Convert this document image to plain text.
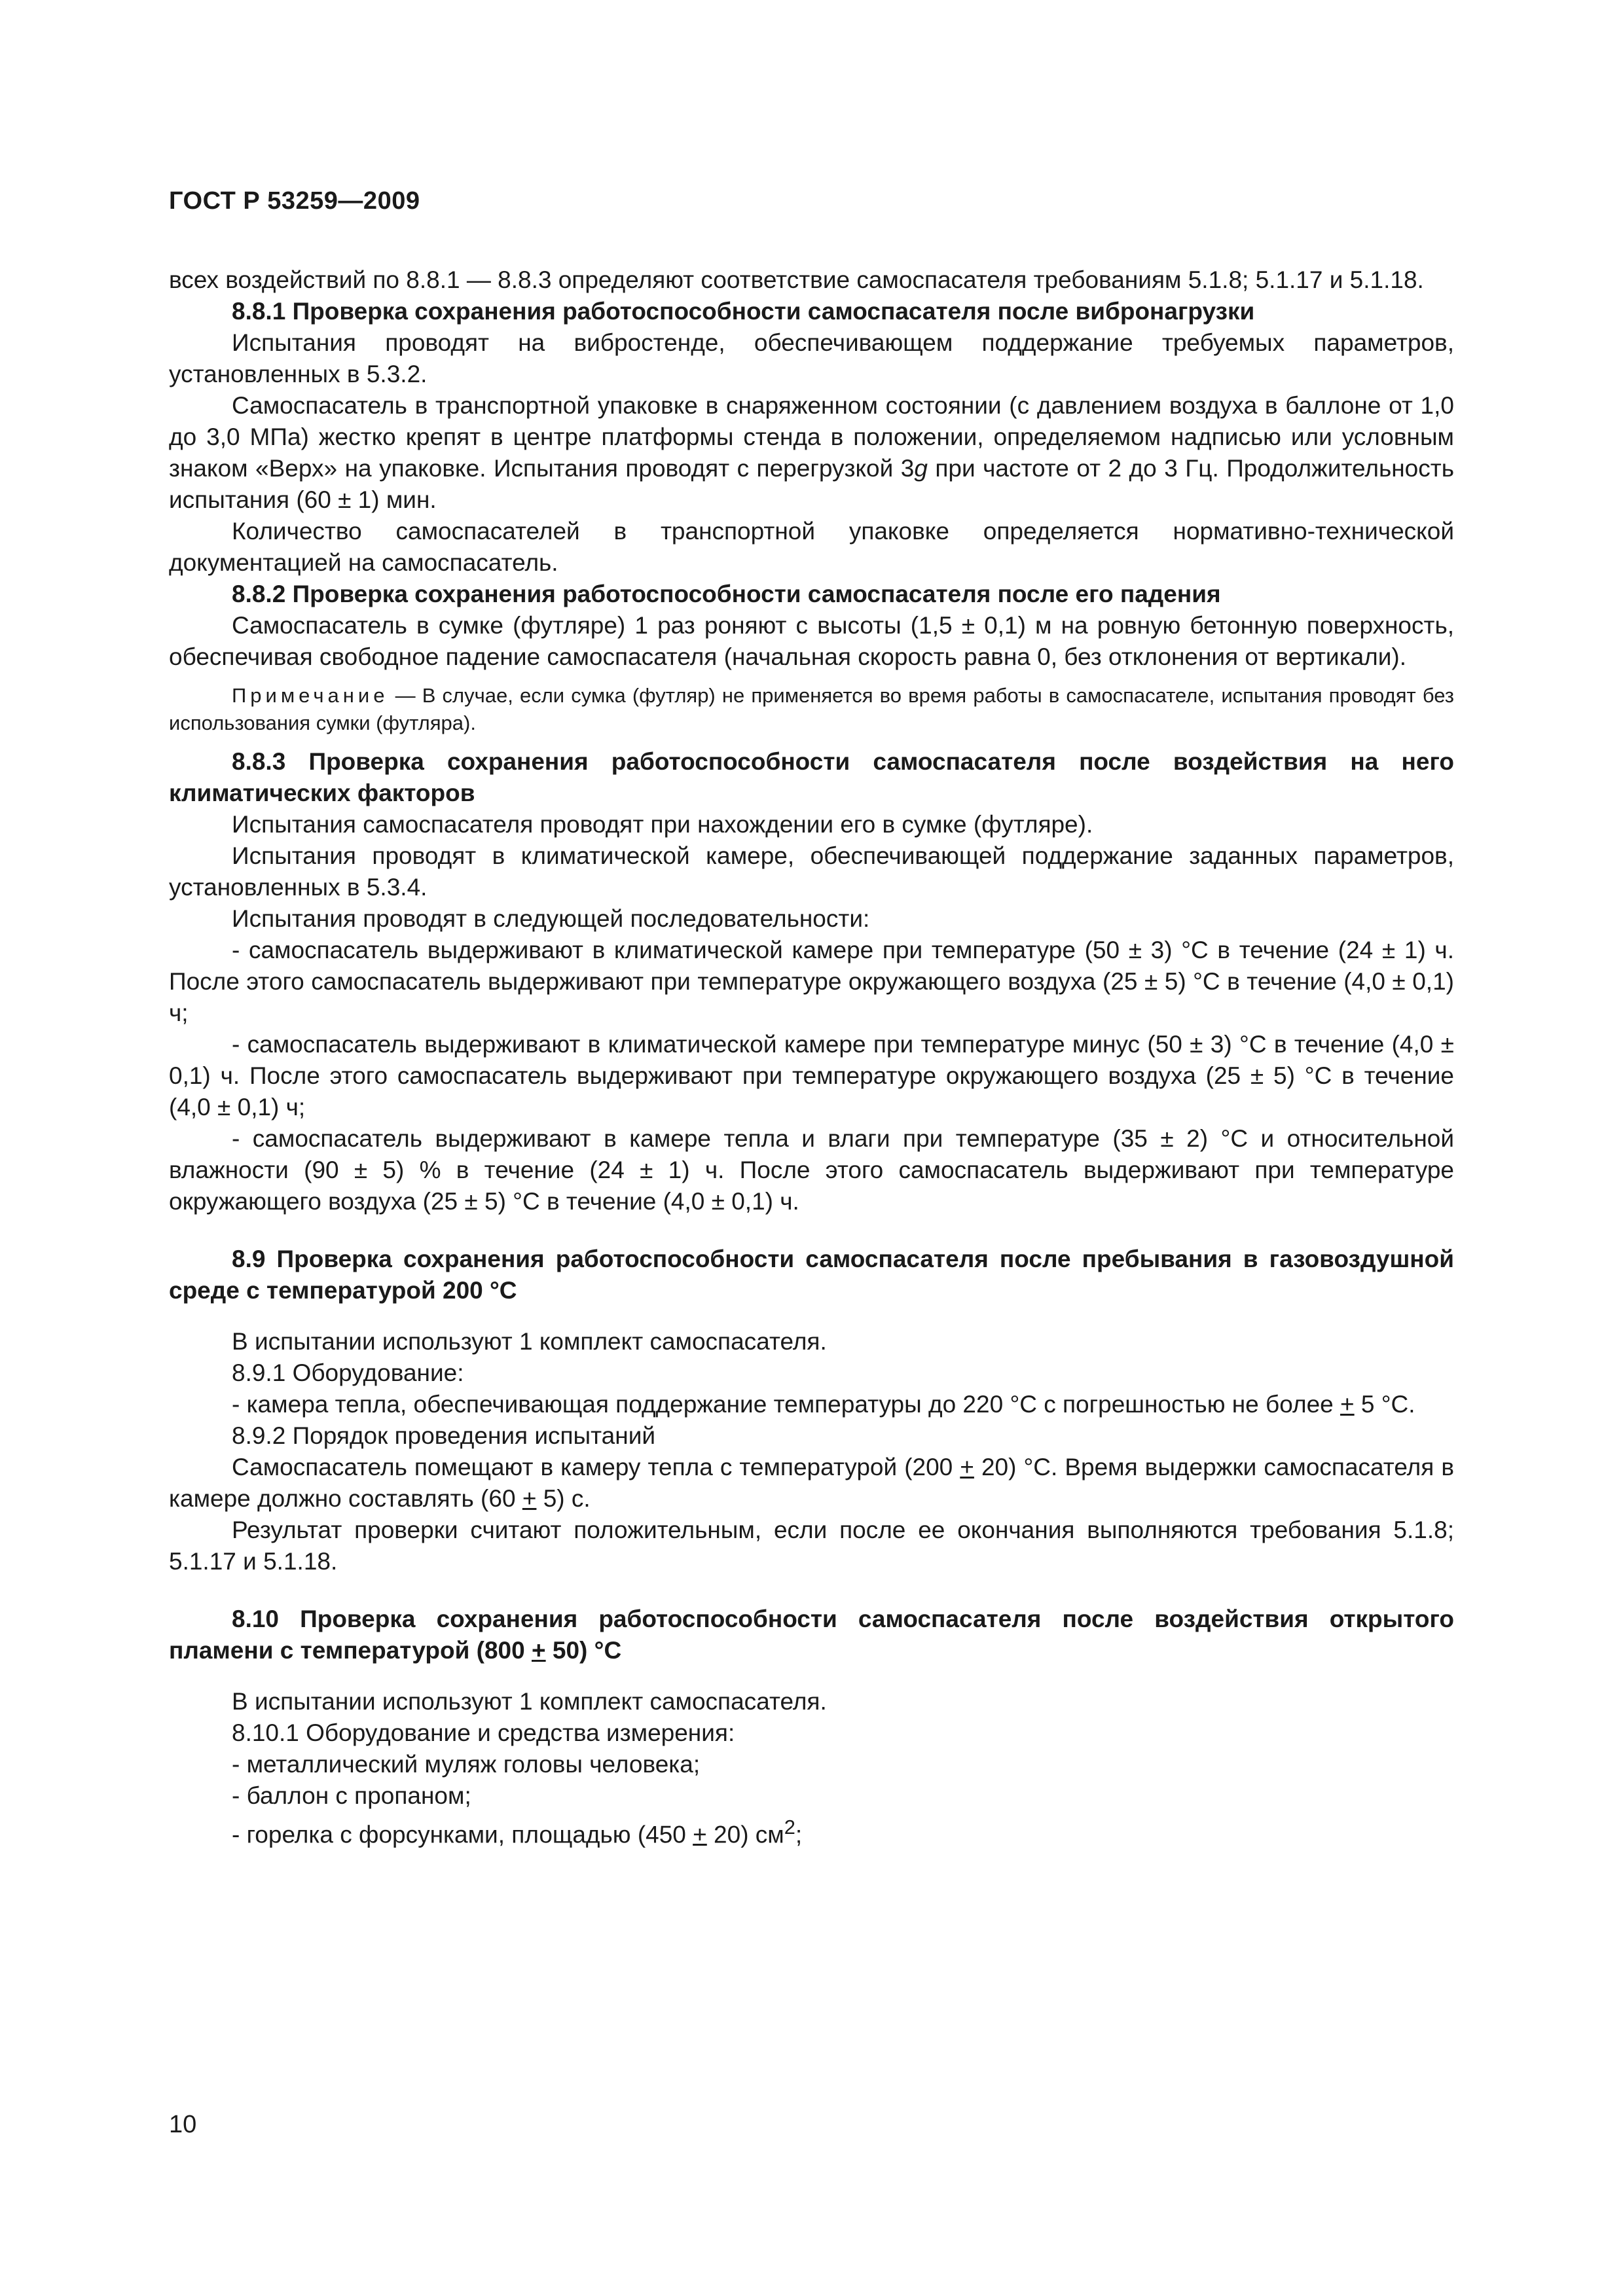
ГОСТ Р 53259—2009

всех воздействий по 8.8.1 — 8.8.3 определяют соответствие самоспасателя требованиям 5.1.8; 5.1.17 и 5.1.18.

8.8.1 Проверка сохранения работоспособности самоспасателя после вибронагрузки

Испытания проводят на вибростенде, обеспечивающем поддержание требуемых параметров, установленных в 5.3.2.

Самоспасатель в транспортной упаковке в снаряженном состоянии (с давлением воздуха в баллоне от 1,0 до 3,0 МПа) жестко крепят в центре платформы стенда в положении, определяемом надписью или условным знаком «Верх» на упаковке. Испытания проводят с перегрузкой 3g при частоте от 2 до 3 Гц. Продолжительность испытания (60 ± 1) мин.

Количество самоспасателей в транспортной упаковке определяется нормативно-технической документацией на самоспасатель.

8.8.2 Проверка сохранения работоспособности самоспасателя после его падения

Самоспасатель в сумке (футляре) 1 раз роняют с высоты (1,5 ± 0,1) м на ровную бетонную поверхность, обеспечивая свободное падение самоспасателя (начальная скорость равна 0, без отклонения от вертикали).

Примечание — В случае, если сумка (футляр) не применяется во время работы в самоспасателе, испытания проводят без использования сумки (футляра).

8.8.3 Проверка сохранения работоспособности самоспасателя после воздействия на него климатических факторов

Испытания самоспасателя проводят при нахождении его в сумке (футляре).

Испытания проводят в климатической камере, обеспечивающей поддержание заданных параметров, установленных в 5.3.4.

Испытания проводят в следующей последовательности:

- самоспасатель выдерживают в климатической камере при температуре (50 ± 3) °С в течение (24 ± 1) ч. После этого самоспасатель выдерживают при температуре окружающего воздуха (25 ± 5) °С в течение (4,0 ± 0,1) ч;

- самоспасатель выдерживают в климатической камере при температуре минус (50 ± 3) °С в течение (4,0 ± 0,1) ч. После этого самоспасатель выдерживают при температуре окружающего воздуха (25 ± 5) °С в течение (4,0 ± 0,1) ч;

- самоспасатель выдерживают в камере тепла и влаги при температуре (35 ± 2) °С и относительной влажности (90 ± 5) % в течение (24 ± 1) ч. После этого самоспасатель выдерживают при температуре окружающего воздуха (25 ± 5) °С в течение (4,0 ± 0,1) ч.

8.9 Проверка сохранения работоспособности самоспасателя после пребывания в газовоздушной среде с температурой 200 °С

В испытании используют 1 комплект самоспасателя.

8.9.1 Оборудование:

- камера тепла, обеспечивающая поддержание температуры до 220 °С с погрешностью не более + 5 °С.

8.9.2 Порядок проведения испытаний

Самоспасатель помещают в камеру тепла с температурой (200 + 20) °С. Время выдержки самоспасателя в камере должно составлять (60 + 5) с.

Результат проверки считают положительным, если после ее окончания выполняются требования 5.1.8; 5.1.17 и 5.1.18.

8.10 Проверка сохранения работоспособности самоспасателя после воздействия открытого пламени с температурой (800 + 50) °С

В испытании используют 1 комплект самоспасателя.

8.10.1 Оборудование и средства измерения:

- металлический муляж головы человека;

- баллон с пропаном;

- горелка с форсунками, площадью (450 + 20) $см^2$;

10
